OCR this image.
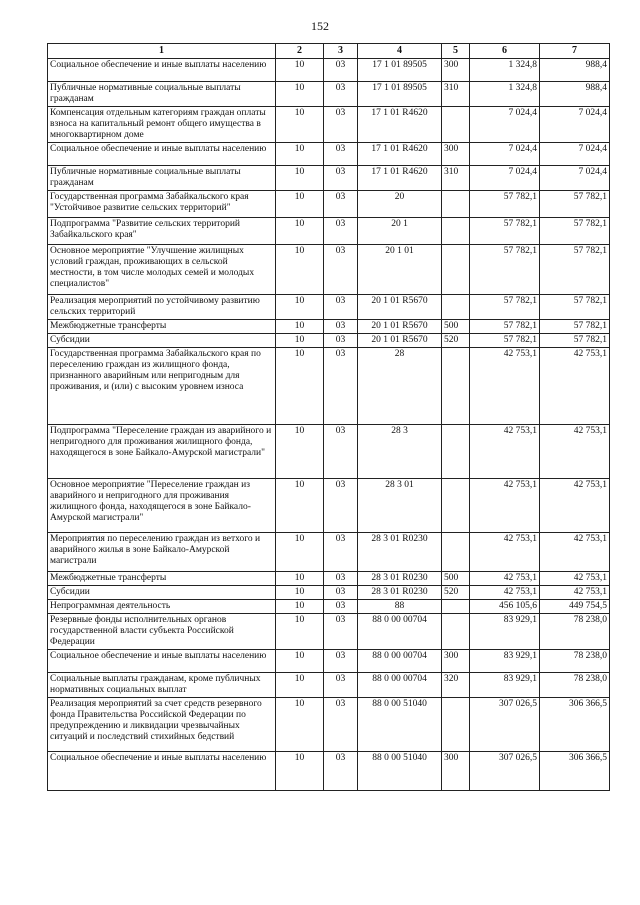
152
1	2	3	4	5	6	7
Социальное обеспечение и иные выплаты населению	10	03	17 1 01 89505	300	1 324,8	988,4
Публичные нормативные социальные выплаты гражданам	10	03	17 1 01 89505	310	1 324,8	988,4
Компенсация отдельным категориям граждан оплаты взноса на капитальный ремонт общего имущества в многоквартирном доме	10	03	17 1 01 R4620		7 024,4	7 024,4
Социальное обеспечение и иные выплаты населению	10	03	17 1 01 R4620	300	7 024,4	7 024,4
Публичные нормативные социальные выплаты гражданам	10	03	17 1 01 R4620	310	7 024,4	7 024,4
Государственная программа Забайкальского края "Устойчивое развитие сельских территорий"	10	03	20		57 782,1	57 782,1
Подпрограмма "Развитие сельских территорий Забайкальского края"	10	03	20 1		57 782,1	57 782,1
Основное мероприятие "Улучшение жилищных условий граждан, проживающих в сельской местности, в том числе молодых семей и молодых специалистов"	10	03	20 1 01		57 782,1	57 782,1
Реализация мероприятий по устойчивому развитию сельских территорий	10	03	20 1 01 R5670		57 782,1	57 782,1
Межбюджетные трансферты	10	03	20 1 01 R5670	500	57 782,1	57 782,1
Субсидии	10	03	20 1 01 R5670	520	57 782,1	57 782,1
Государственная программа Забайкальского края по переселению граждан из жилищного фонда, признанного аварийным или непригодным для проживания, и (или) с высоким уровнем износа	10	03	28		42 753,1	42 753,1
Подпрограмма "Переселение граждан из аварийного и непригодного для проживания жилищного фонда, находящегося в зоне Байкало-Амурской магистрали"	10	03	28 3		42 753,1	42 753,1
Основное мероприятие "Переселение граждан из аварийного и непригодного для проживания жилищного фонда, находящегося в зоне Байкало-Амурской магистрали"	10	03	28 3 01		42 753,1	42 753,1
Мероприятия по переселению граждан из ветхого и аварийного жилья в зоне Байкало-Амурской магистрали	10	03	28 3 01 R0230		42 753,1	42 753,1
Межбюджетные трансферты	10	03	28 3 01 R0230	500	42 753,1	42 753,1
Субсидии	10	03	28 3 01 R0230	520	42 753,1	42 753,1
Непрограммная деятельность	10	03	88		456 105,6	449 754,5
Резервные фонды исполнительных органов государственной власти субъекта Российской Федерации	10	03	88 0 00 00704		83 929,1	78 238,0
Социальное обеспечение и иные выплаты населению	10	03	88 0 00 00704	300	83 929,1	78 238,0
Социальные выплаты гражданам, кроме публичных нормативных социальных выплат	10	03	88 0 00 00704	320	83 929,1	78 238,0
Реализация мероприятий за счет средств резервного фонда Правительства Российской Федерации по предупреждению и ликвидации чрезвычайных ситуаций и последствий стихийных бедствий	10	03	88 0 00 51040		307 026,5	306 366,5
Социальное обеспечение и иные выплаты населению	10	03	88 0 00 51040	300	307 026,5	306 366,5
